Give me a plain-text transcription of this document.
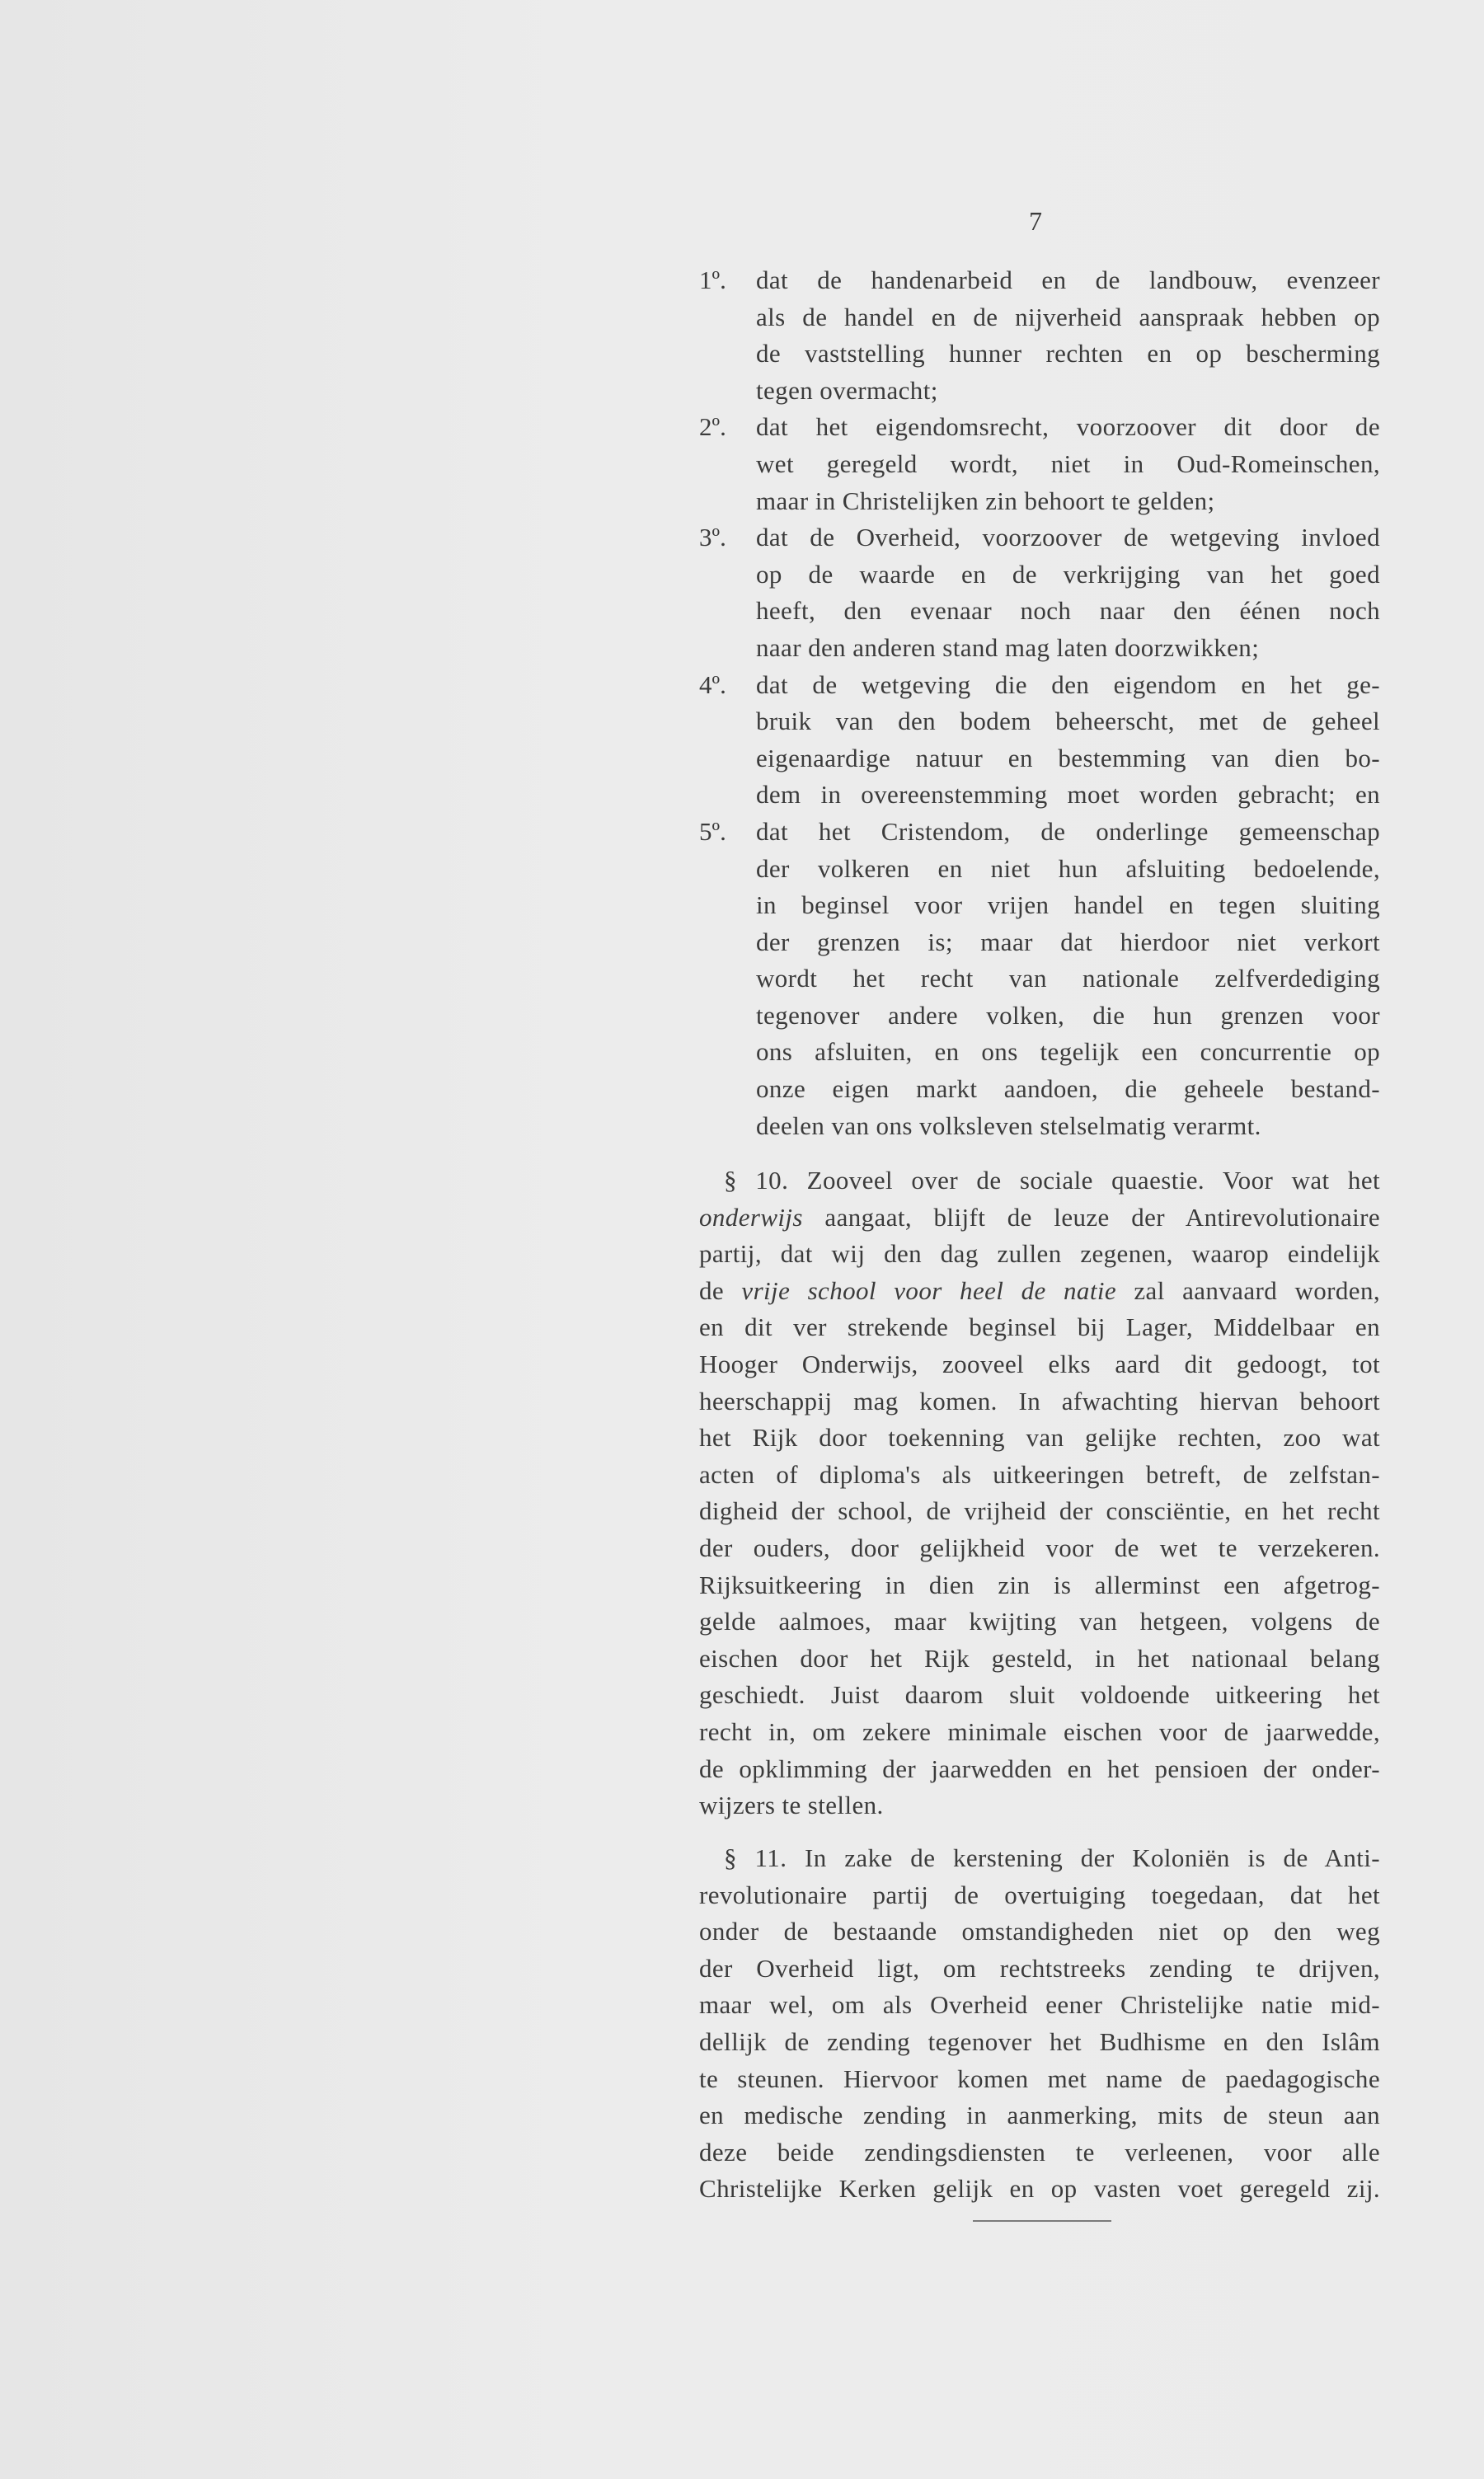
7

1º.	dat de handenarbeid en de landbouw, evenzeer
als de handel en de nijverheid aanspraak hebben op
de vaststelling hunner rechten en op bescherming
tegen overmacht;
2º.	dat het eigendomsrecht, voorzoover dit door de
wet geregeld wordt, niet in Oud-Romeinschen,
maar in Christelijken zin behoort te gelden;
3º.	dat de Overheid, voorzoover de wetgeving invloed
op de waarde en de verkrijging van het goed
heeft, den evenaar noch naar den éénen noch
naar den anderen stand mag laten doorzwikken;
4º.	dat de wetgeving die den eigendom en het ge-
bruik van den bodem beheerscht, met de geheel
eigenaardige natuur en bestemming van dien bo-
dem in overeenstemming moet worden gebracht; en
5º.	dat het Cristendom, de onderlinge gemeenschap
der volkeren en niet hun afsluiting bedoelende,
in beginsel voor vrijen handel en tegen sluiting
der grenzen is; maar dat hierdoor niet verkort
wordt het recht van nationale zelfverdediging
tegenover andere volken, die hun grenzen voor
ons afsluiten, en ons tegelijk een concurrentie op
onze eigen markt aandoen, die geheele bestand-
deelen van ons volksleven stelselmatig verarmt.
§ 10. Zooveel over de sociale quaestie. Voor wat het
onderwijs aangaat, blijft de leuze der Antirevolutionaire
partij, dat wij den dag zullen zegenen, waarop eindelijk
de vrije school voor heel de natie zal aanvaard worden,
en dit ver strekende beginsel bij Lager, Middelbaar en
Hooger Onderwijs, zooveel elks aard dit gedoogt, tot
heerschappij mag komen. In afwachting hiervan behoort
het Rijk door toekenning van gelijke rechten, zoo wat
acten of diploma's als uitkeeringen betreft, de zelfstan-
digheid der school, de vrijheid der consciëntie, en het recht
der ouders, door gelijkheid voor de wet te verzekeren.
Rijksuitkeering in dien zin is allerminst een afgetrog-
gelde aalmoes, maar kwijting van hetgeen, volgens de
eischen door het Rijk gesteld, in het nationaal belang
geschiedt. Juist daarom sluit voldoende uitkeering het
recht in, om zekere minimale eischen voor de jaarwedde,
de opklimming der jaarwedden en het pensioen der onder-
wijzers te stellen.
§ 11. In zake de kerstening der Koloniën is de Anti-
revolutionaire partij de overtuiging toegedaan, dat het
onder de bestaande omstandigheden niet op den weg
der Overheid ligt, om rechtstreeks zending te drijven,
maar wel, om als Overheid eener Christelijke natie mid-
dellijk de zending tegenover het Budhisme en den Islâm
te steunen. Hiervoor komen met name de paedagogische
en medische zending in aanmerking, mits de steun aan
deze beide zendingsdiensten te verleenen, voor alle
Christelijke Kerken gelijk en op vasten voet geregeld zij.
